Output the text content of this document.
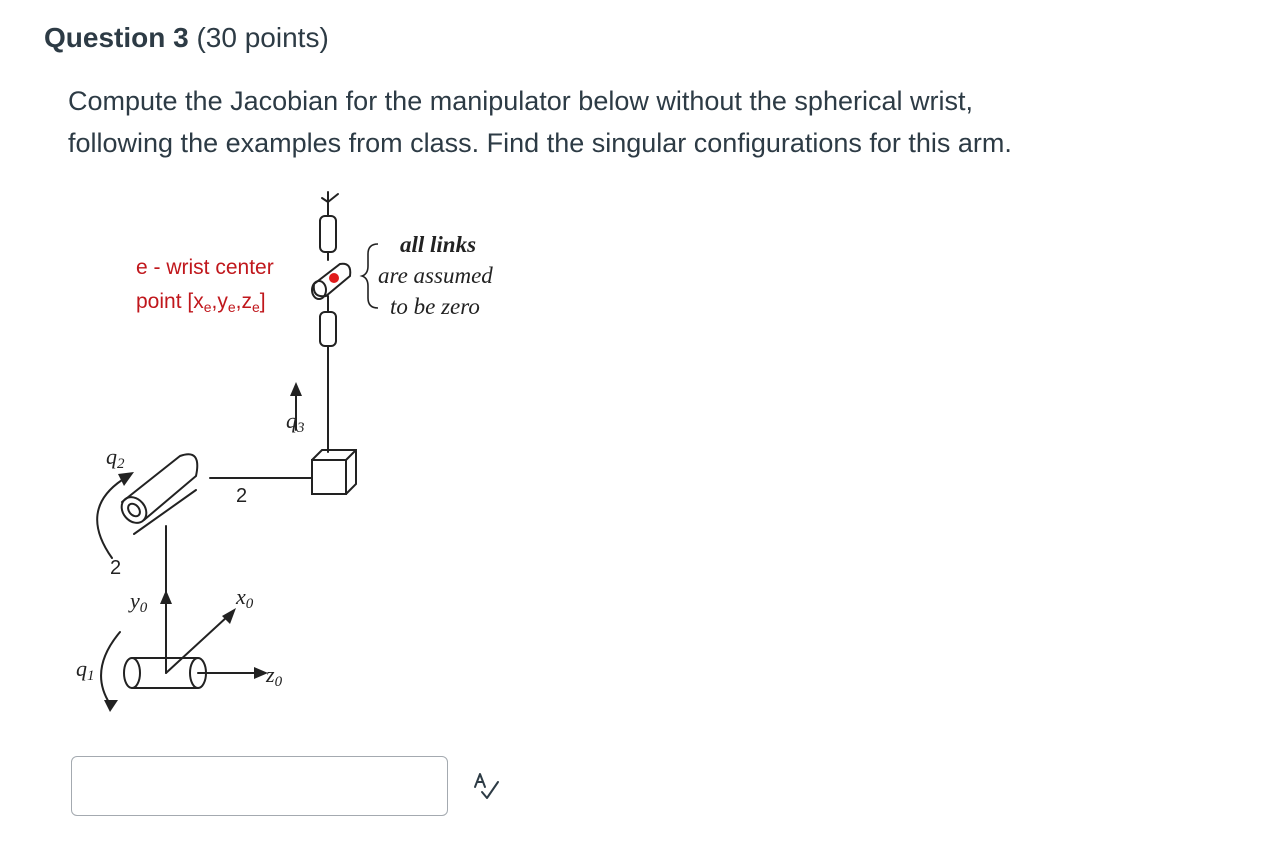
Question 3 (30 points)

Compute the Jacobian for the manipulator below without the spherical wrist,

following the examples from class. Find the singular configurations for this arm.

e - wrist center
point [xe,ye,ze]
all links
are assumed
to be zero
q3
q2
q1
2
2
y0	x0
z0
